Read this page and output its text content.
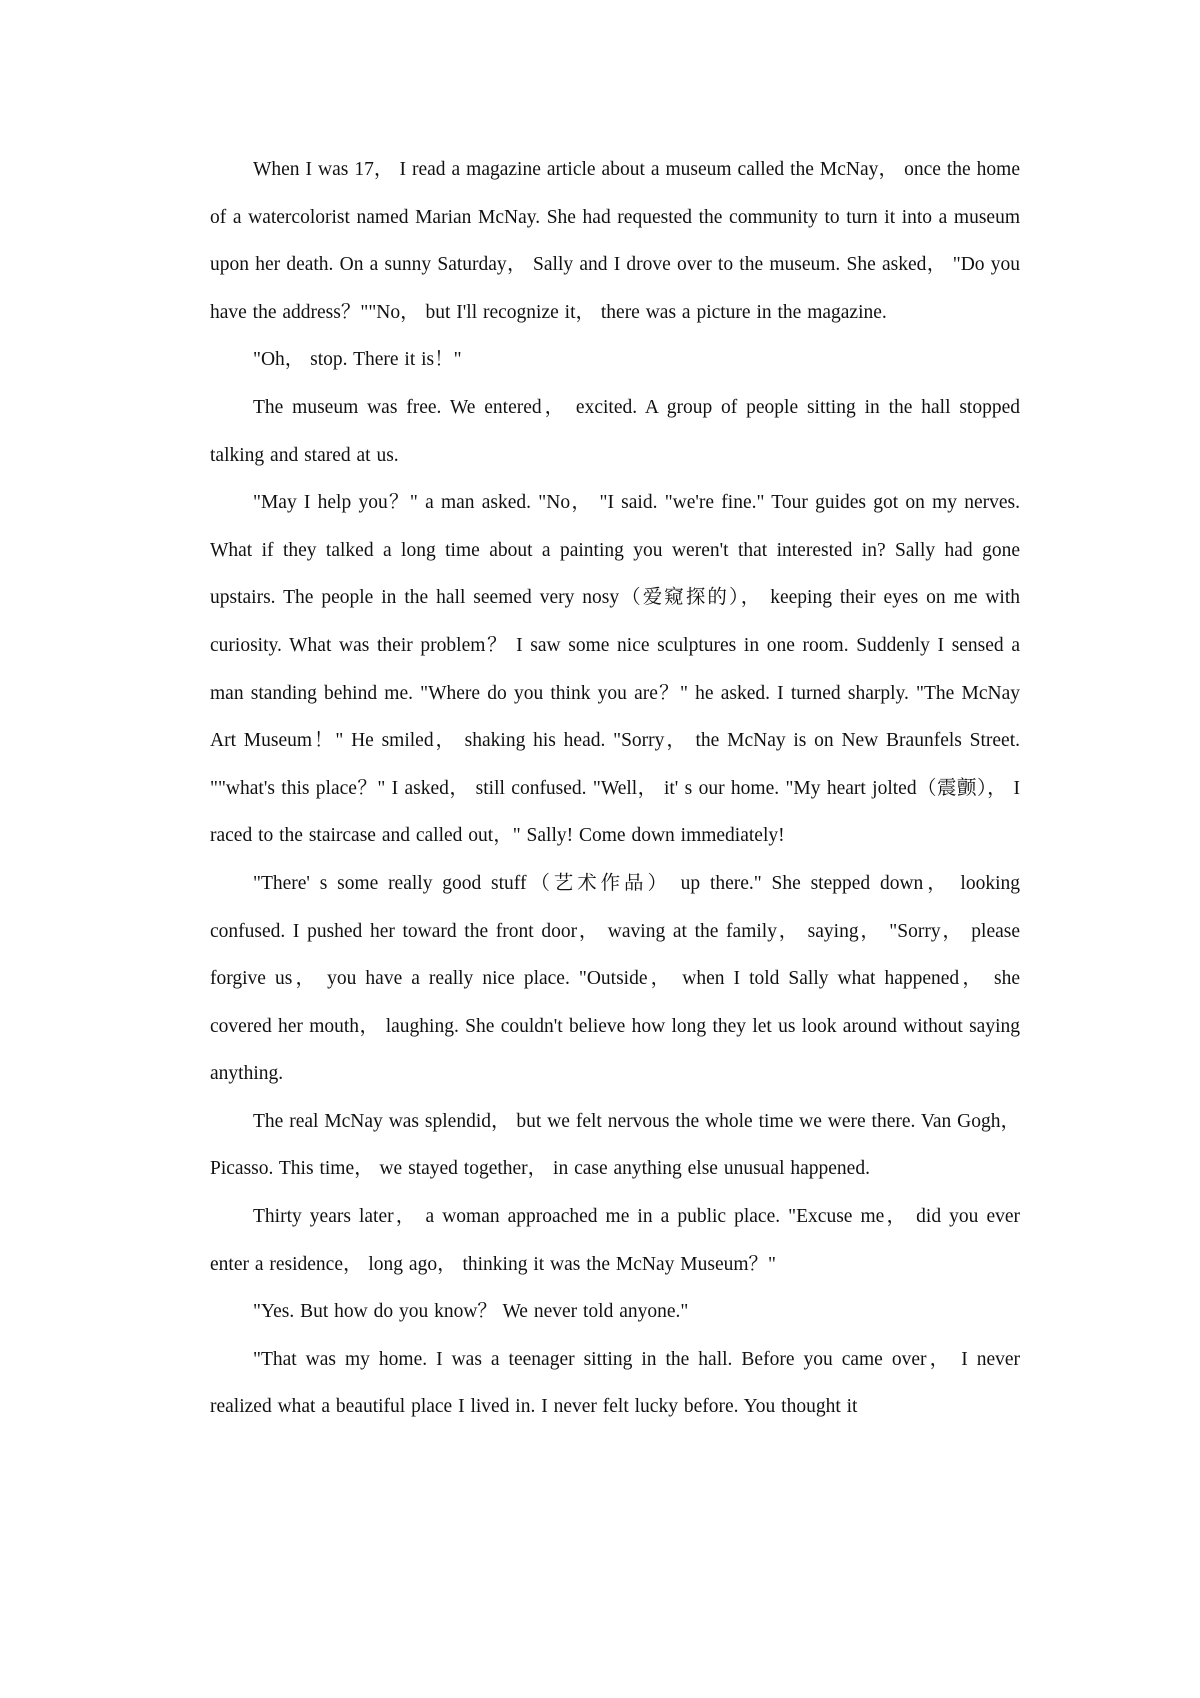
When I was 17， I read a magazine article about a museum called the McNay， once the home of a watercolorist named Marian McNay. She had requested the community to turn it into a museum upon her death. On a sunny Saturday， Sally and I drove over to the museum. She asked， "Do you have the address？""No， but I'll recognize it， there was a picture in the magazine.

"Oh， stop. There it is！"

The museum was free. We entered， excited. A group of people sitting in the hall stopped talking and stared at us.

"May I help you？" a man asked. "No， "I said. "we're fine." Tour guides got on my nerves. What if they talked a long time about a painting you weren't that interested in? Sally had gone upstairs. The people in the hall seemed very nosy（爱窥探的）， keeping their eyes on me with curiosity. What was their problem？ I saw some nice sculptures in one room. Suddenly I sensed a man standing behind me. "Where do you think you are？" he asked. I turned sharply. "The McNay Art Museum！" He smiled， shaking his head. "Sorry， the McNay is on New Braunfels Street. ""what's this place？" I asked， still confused. "Well， it' s our home. "My heart jolted（震颤）， I raced to the staircase and called out，" Sally! Come down immediately!

"There' s some really good stuff（艺术作品） up there." She stepped down， looking confused. I pushed her toward the front door， waving at the family， saying， "Sorry， please forgive us， you have a really nice place. "Outside， when I told Sally what happened， she covered her mouth， laughing. She couldn't believe how long they let us look around without saying anything.

The real McNay was splendid， but we felt nervous the whole time we were there. Van Gogh， Picasso. This time， we stayed together， in case anything else unusual happened.

Thirty years later， a woman approached me in a public place. "Excuse me， did you ever enter a residence， long ago， thinking it was the McNay Museum？"

"Yes. But how do you know？ We never told anyone."

"That was my home. I was a teenager sitting in the hall. Before you came over， I never realized what a beautiful place I lived in. I never felt lucky before. You thought it
